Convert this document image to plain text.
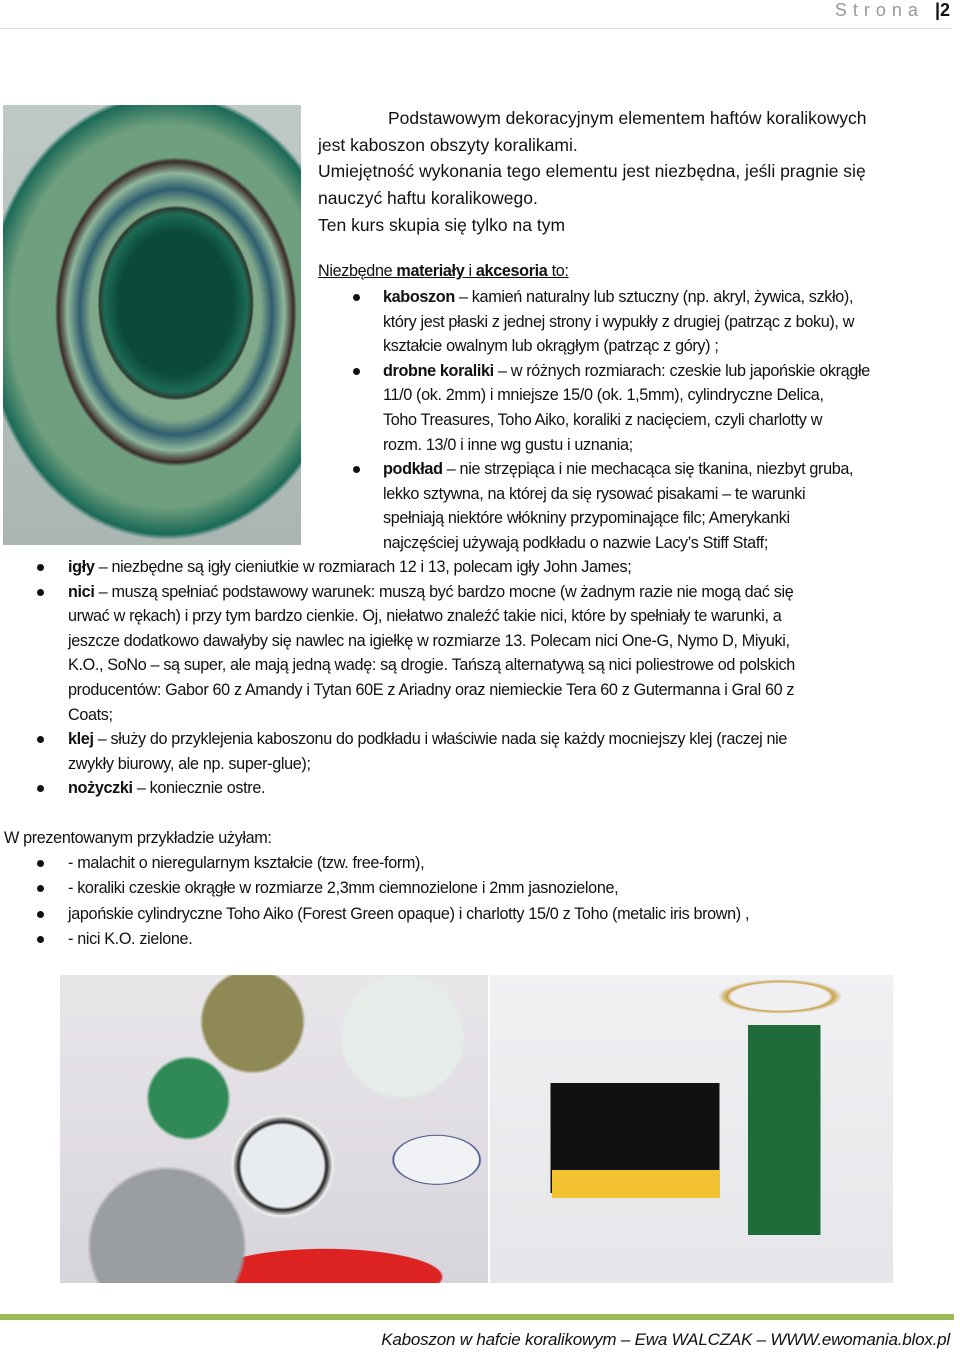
Strona |2
Podstawowym dekoracyjnym elementem haftów koralikowych
jest kaboszon obszyty koralikami.
Umiejętność wykonania tego elementu jest niezbędna, jeśli pragnie się
nauczyć haftu koralikowego.
Ten kurs skupia się tylko na tym
Niezbędne materiały i akcesoria to:
kaboszon – kamień naturalny lub sztuczny (np. akryl, żywica, szkło),
który jest płaski z jednej strony i wypukły z drugiej (patrząc z boku), w
kształcie owalnym lub okrągłym (patrząc z góry) ;
drobne koraliki – w różnych rozmiarach: czeskie lub japońskie okrągłe
11/0 (ok. 2mm) i mniejsze 15/0 (ok. 1,5mm), cylindryczne Delica,
Toho Treasures, Toho Aiko, koraliki z nacięciem, czyli charlotty w
rozm. 13/0 i inne wg gustu i uznania;
podkład – nie strzępiąca i nie mechacąca się tkanina, niezbyt gruba,
lekko sztywna, na której da się rysować pisakami – te warunki
spełniają niektóre włókniny przypominające filc; Amerykanki
najczęściej używają podkładu o nazwie Lacy’s Stiff Staff;
igły – niezbędne są igły cieniutkie w rozmiarach 12 i 13, polecam igły John James;
nici – muszą spełniać podstawowy warunek: muszą być bardzo mocne (w żadnym razie nie mogą dać się
urwać w rękach) i przy tym bardzo cienkie. Oj, niełatwo znaleźć takie nici, które by spełniały te warunki, a
jeszcze dodatkowo dawałyby się nawlec na igiełkę w rozmiarze 13. Polecam nici One-G, Nymo D, Miyuki,
K.O., SoNo – są super, ale mają jedną wadę: są drogie. Tańszą alternatywą są nici poliestrowe od polskich
producentów: Gabor 60 z Amandy i Tytan 60E z Ariadny oraz niemieckie Tera 60 z Gutermanna i Gral 60 z
Coats;
klej – służy do przyklejenia kaboszonu do podkładu i właściwie nada się każdy mocniejszy klej (raczej nie
zwykły biurowy, ale np. super-glue);
nożyczki – koniecznie ostre.
W prezentowanym przykładzie użyłam:
- malachit o nieregularnym kształcie (tzw. free-form),
- koraliki czeskie okrągłe w rozmiarze 2,3mm ciemnozielone i 2mm jasnozielone,
japońskie cylindryczne Toho Aiko (Forest Green opaque) i charlotty 15/0 z Toho (metalic iris brown) ,
- nici K.O. zielone.
Kaboszon w hafcie koralikowym – Ewa WALCZAK – WWW.ewomania.blox.pl
